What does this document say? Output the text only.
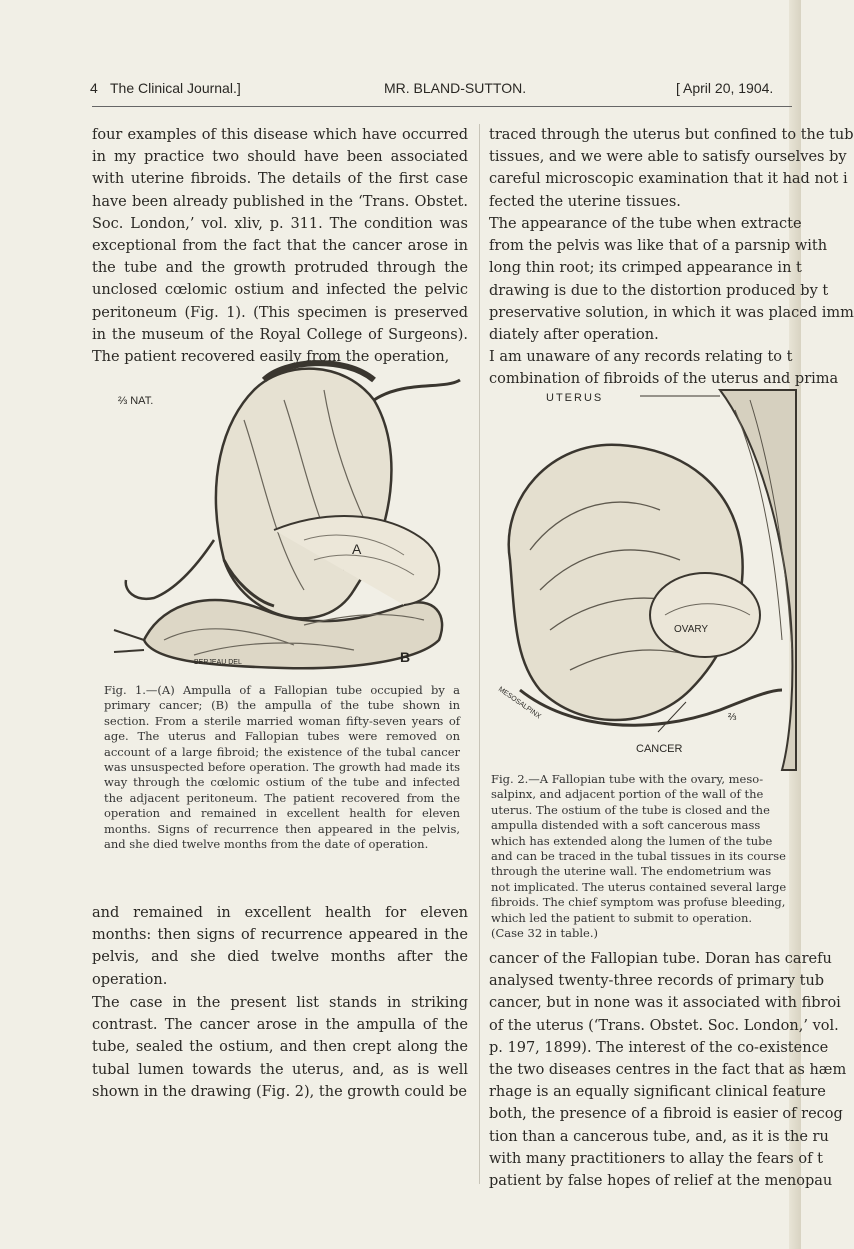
4 The Clinical Journal.]	MR. BLAND-SUTTON.	[ April 20, 1904.

four examples of this disease which have occurred in my practice two should have been associated with uterine fibroids. The details of the first case have been already published in the ‘Trans. Obstet. Soc. London,’ vol. xliv, p. 311. The condition was exceptional from the fact that the cancer arose in the tube and the growth protruded through the unclosed cœlomic ostium and infected the pelvic peritoneum (Fig. 1). (This specimen is preserved in the museum of the Royal College of Surgeons). The patient recovered easily from the operation,

⅔ NAT.
A
B
BERJEAU DEL

Fig. 1.—(A) Ampulla of a Fallopian tube occupied by a primary cancer; (B) the ampulla of the tube shown in section. From a sterile married woman fifty-seven years of age. The uterus and Fallopian tubes were removed on account of a large fibroid; the existence of the tubal cancer was unsuspected before operation. The growth had made its way through the cœlomic ostium of the tube and infected the adjacent peritoneum. The patient recovered from the operation and remained in excellent health for eleven months. Signs of recurrence then appeared in the pelvis, and she died twelve months from the date of operation.

and remained in excellent health for eleven months: then signs of recurrence appeared in the pelvis, and she died twelve months after the operation.

The case in the present list stands in striking contrast. The cancer arose in the ampulla of the tube, sealed the ostium, and then crept along the tubal lumen towards the uterus, and, as is well shown in the drawing (Fig. 2), the growth could be

traced through the uterus but confined to the tub
tissues, and we were able to satisfy ourselves by
careful microscopic examination that it had not i
fected the uterine tissues.
The appearance of the tube when extracte
from the pelvis was like that of a parsnip with
long thin root; its crimped appearance in t
drawing is due to the distortion produced by t
preservative solution, in which it was placed imm
diately after operation.
I am unaware of any records relating to t
combination of fibroids of the uterus and prima
UTERUS
OVARY
CANCER
MESOSALPINX	⅔
Fig. 2.—A Fallopian tube with the ovary, meso-
salpinx, and adjacent portion of the wall of the
uterus. The ostium of the tube is closed and the
ampulla distended with a soft cancerous mass
which has extended along the lumen of the tube
and can be traced in the tubal tissues in its course
through the uterine wall. The endometrium was
not implicated. The uterus contained several large
fibroids. The chief symptom was profuse bleeding,
which led the patient to submit to operation.
(Case 32 in table.)
cancer of the Fallopian tube. Doran has carefu
analysed twenty-three records of primary tub
cancer, but in none was it associated with fibroi
of the uterus (‘Trans. Obstet. Soc. London,’ vol.
p. 197, 1899). The interest of the co-existence
the two diseases centres in the fact that as hæm
rhage is an equally significant clinical feature
both, the presence of a fibroid is easier of recog
tion than a cancerous tube, and, as it is the ru
with many practitioners to allay the fears of t
patient by false hopes of relief at the menopau
